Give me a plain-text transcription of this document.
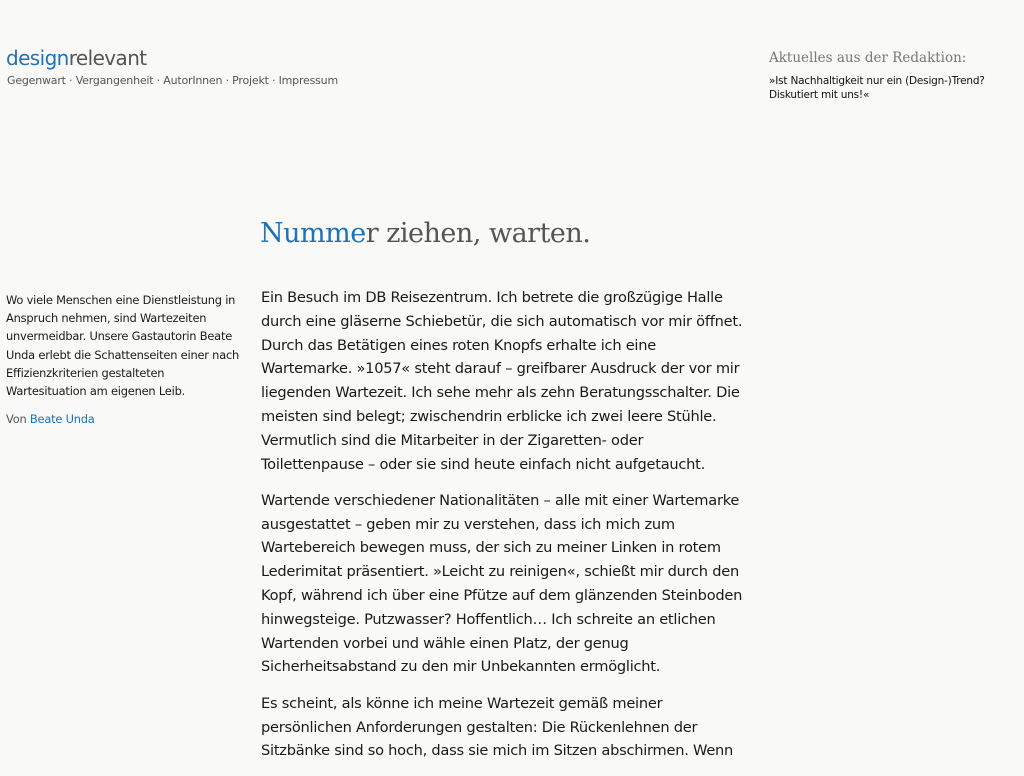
designrelevant
Gegenwart · Vergangenheit · AutorInnen · Projekt · Impressum
Aktuelles aus der Redaktion:
»Ist Nachhaltigkeit nur ein (Design-)Trend? Diskutiert mit uns!«

Wo viele Menschen eine Dienstleistung in Anspruch nehmen, sind Wartezeiten unvermeidbar. Unsere Gastautorin Beate Unda erlebt die Schattenseiten einer nach Effizienzkriterien gestalteten Wartesituation am eigenen Leib.

Von Beate Unda

Nummer ziehen, warten.

Ein Besuch im DB Reisezentrum. Ich betrete die großzügige Halle
durch eine gläserne Schiebetür, die sich automatisch vor mir öffnet.
Durch das Betätigen eines roten Knopfs erhalte ich eine
Wartemarke. »1057« steht darauf – greifbarer Ausdruck der vor mir
liegenden Wartezeit. Ich sehe mehr als zehn Beratungsschalter. Die
meisten sind belegt; zwischendrin erblicke ich zwei leere Stühle.
Vermutlich sind die Mitarbeiter in der Zigaretten- oder
Toilettenpause – oder sie sind heute einfach nicht aufgetaucht.

Wartende verschiedener Nationalitäten – alle mit einer Wartemarke
ausgestattet – geben mir zu verstehen, dass ich mich zum
Wartebereich bewegen muss, der sich zu meiner Linken in rotem
Lederimitat präsentiert. »Leicht zu reinigen«, schießt mir durch den
Kopf, während ich über eine Pfütze auf dem glänzenden Steinboden
hinwegsteige. Putzwasser? Hoffentlich… Ich schreite an etlichen
Wartenden vorbei und wähle einen Platz, der genug
Sicherheitsabstand zu den mir Unbekannten ermöglicht.

Es scheint, als könne ich meine Wartezeit gemäß meiner
persönlichen Anforderungen gestalten: Die Rückenlehnen der
Sitzbänke sind so hoch, dass sie mich im Sitzen abschirmen. Wenn
